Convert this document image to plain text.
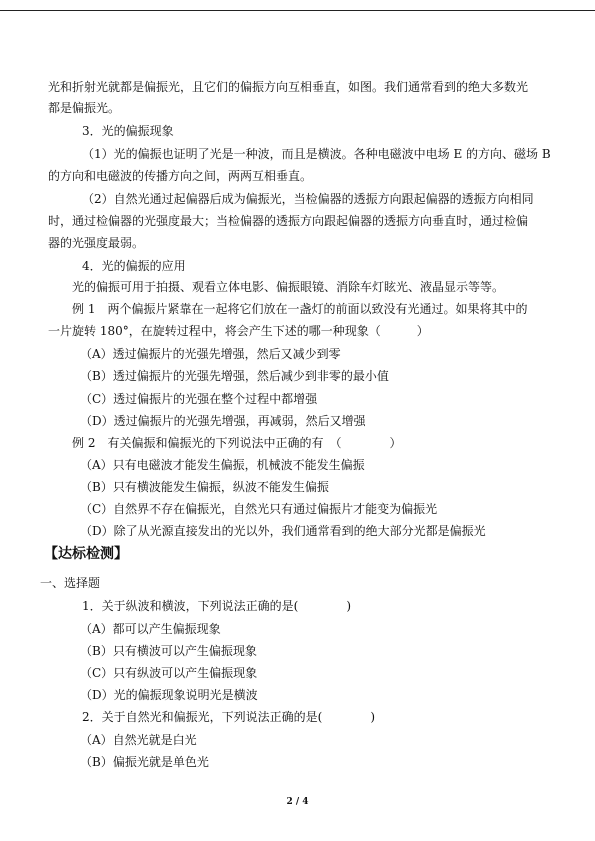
光和折射光就都是偏振光，且它们的偏振方向互相垂直，如图。我们通常看到的绝大多数光
都是偏振光。
3．光的偏振现象
（1）光的偏振也证明了光是一种波，而且是横波。各种电磁波中电场 E 的方向、磁场 B
的方向和电磁波的传播方向之间，两两互相垂直。
（2）自然光通过起偏器后成为偏振光，当检偏器的透振方向跟起偏器的透振方向相同
时，通过检偏器的光强度最大；当检偏器的透振方向跟起偏器的透振方向垂直时，通过检偏
器的光强度最弱。
4．光的偏振的应用
光的偏振可用于拍摄、观看立体电影、偏振眼镜、消除车灯眩光、液晶显示等等。
例 1　两个偏振片紧靠在一起将它们放在一盏灯的前面以致没有光通过。如果将其中的
一片旋转 180°，在旋转过程中，将会产生下述的哪一种现象（　　　）
（A）透过偏振片的光强先增强，然后又减少到零
（B）透过偏振片的光强先增强，然后减少到非零的最小值
（C）透过偏振片的光强在整个过程中都增强
（D）透过偏振片的光强先增强，再减弱，然后又增强
例 2　有关偏振和偏振光的下列说法中正确的有　（　　　　）
（A）只有电磁波才能发生偏振，机械波不能发生偏振
（B）只有横波能发生偏振，纵波不能发生偏振
（C）自然界不存在偏振光，自然光只有通过偏振片才能变为偏振光
（D）除了从光源直接发出的光以外，我们通常看到的绝大部分光都是偏振光
【达标检测】
一、选择题
1．关于纵波和横波，下列说法正确的是(　　　　)
（A）都可以产生偏振现象
（B）只有横波可以产生偏振现象
（C）只有纵波可以产生偏振现象
（D）光的偏振现象说明光是横波
2．关于自然光和偏振光，下列说法正确的是(　　　　)
（A）自然光就是白光
（B）偏振光就是单色光
2 / 4
